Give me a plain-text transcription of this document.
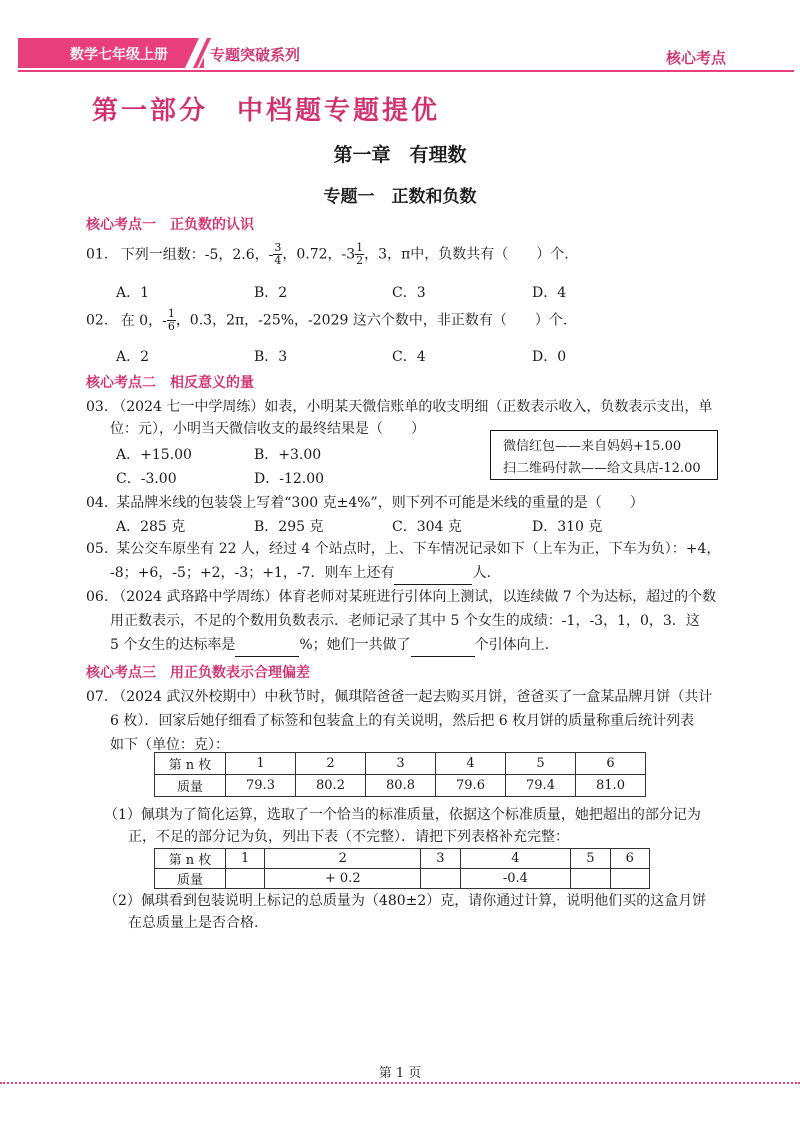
数学七年级上册	专题突破系列	核心考点
第一部分　中档题专题提优
第一章　有理数
专题一　正数和负数
核心考点一　正负数的认识
01. 下列一组数：-5，2.6，- $\frac{3}{4}$ ，0.72，$-3 \frac{1}{2}$ ，3，π中，负数共有（　　）个.
A．1	B．2	C．3	D．4
02. 在 0，- $\frac{1}{6}$ ，0.3̇，2π，-25%，-2029 这六个数中，非正数有（　　）个.
A．2	B．3	C．4	D．0
核心考点二　相反意义的量
03. （2024 七一中学周练）如表，小明某天微信账单的收支明细（正数表示收入，负数表示支出，单
位：元），小明当天微信收支的最终结果是（　　）
A．+15.00	B．+3.00
C．-3.00	D．-12.00
微信红包——来自妈妈+15.00
扫二维码付款——给文具店-12.00
04. 某品牌米线的包装袋上写着“300 克±4%”，则下列不可能是米线的重量的是（　　）
A．285 克	B．295 克	C．304 克	D．310 克
05. 某公交车原坐有 22 人，经过 4 个站点时，上、下车情况记录如下（上车为正，下车为负）：+4，
-8；+6，-5；+2，-3；+1，-7．则车上还有	人.
06. （2024 武珞路中学周练）体育老师对某班进行引体向上测试，以连续做 7 个为达标，超过的个数
用正数表示，不足的个数用负数表示．老师记录了其中 5 个女生的成绩：-1，-3，1，0，3．这
5 个女生的达标率是	%；她们一共做了	个引体向上.
核心考点三　用正负数表示合理偏差
07. （2024 武汉外校期中）中秋节时，佩琪陪爸爸一起去购买月饼，爸爸买了一盒某品牌月饼（共计
6 枚）．回家后她仔细看了标签和包装盒上的有关说明，然后把 6 枚月饼的质量称重后统计列表
如下（单位：克）：
第 n 枚	1	2	3	4	5	6
质量	79.3	80.2	80.8	79.6	79.4	81.0
（1）佩琪为了简化运算，选取了一个恰当的标准质量，依据这个标准质量，她把超出的部分记为
正，不足的部分记为负，列出下表（不完整）．请把下列表格补充完整：
第 n 枚	1	2	3	4	5	6
质量		+ 0.2		-0.4		
（2）佩琪看到包装说明上标记的总质量为（480±2）克，请你通过计算，说明他们买的这盒月饼
在总质量上是否合格.
第 1 页
